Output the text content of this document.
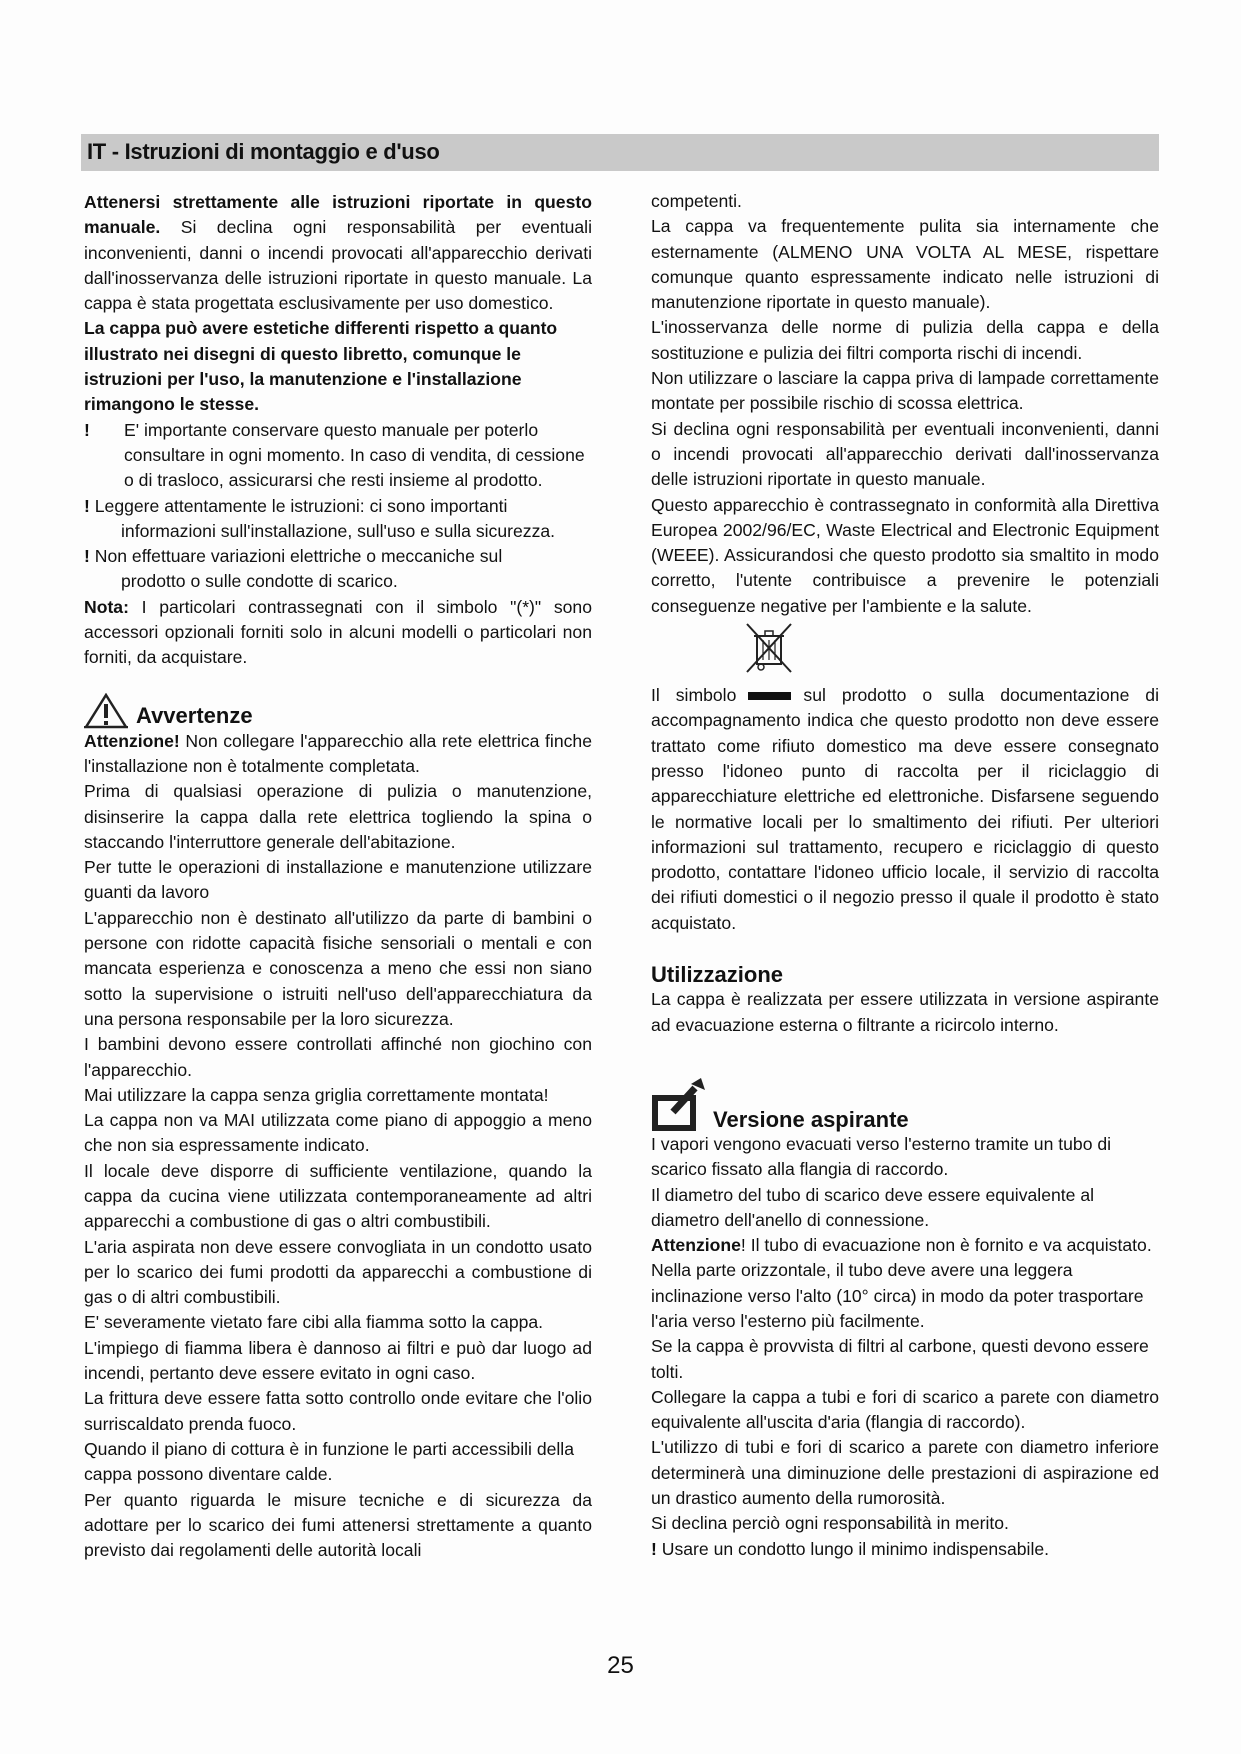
IT - Istruzioni di montaggio e d'uso

Attenersi strettamente alle istruzioni riportate in questo manuale. Si declina ogni responsabilità per eventuali inconvenienti, danni o incendi provocati all'apparecchio derivati dall'inosservanza delle istruzioni riportate in questo manuale. La cappa è stata progettata esclusivamente per uso domestico.

La cappa può avere estetiche differenti rispetto a quanto illustrato nei disegni di questo libretto, comunque le istruzioni per l'uso, la manutenzione e l'installazione rimangono le stesse.

! E' importante conservare questo manuale per poterlo

consultare in ogni momento. In caso di vendita, di cessione o di trasloco, assicurarsi che resti insieme al prodotto.

! Leggere attentamente le istruzioni: ci sono importanti

informazioni sull'installazione, sull'uso e sulla sicurezza.

! Non effettuare variazioni elettriche o meccaniche sul

prodotto o sulle condotte di scarico.

Nota: I particolari contrassegnati con il simbolo "(*)" sono accessori opzionali forniti solo in alcuni modelli o particolari non forniti, da acquistare.

Avvertenze

Attenzione! Non collegare l'apparecchio alla rete elettrica finche l'installazione non è totalmente completata.

Prima di qualsiasi operazione di pulizia o manutenzione, disinserire la cappa dalla rete elettrica togliendo la spina o staccando l'interruttore generale dell'abitazione.

Per tutte le operazioni di installazione e manutenzione utilizzare guanti da lavoro

L'apparecchio non è destinato all'utilizzo da parte di bambini o persone con ridotte capacità fisiche sensoriali o mentali e con mancata esperienza e conoscenza a meno che essi non siano sotto la supervisione o istruiti nell'uso dell'apparecchiatura da una persona responsabile per la loro sicurezza.

I bambini devono essere controllati affinché non giochino con l'apparecchio.

Mai utilizzare la cappa senza griglia correttamente montata!

La cappa non va MAI utilizzata come piano di appoggio a meno che non sia espressamente indicato.

Il locale deve disporre di sufficiente ventilazione, quando la cappa da cucina viene utilizzata contemporaneamente ad altri apparecchi a combustione di gas o altri combustibili.

L'aria aspirata non deve essere convogliata in un condotto usato per lo scarico dei fumi prodotti da apparecchi a combustione di gas o di altri combustibili.

E' severamente vietato fare cibi alla fiamma sotto la cappa.

L'impiego di fiamma libera è dannoso ai filtri e può dar luogo ad incendi, pertanto deve essere evitato in ogni caso.

La frittura deve essere fatta sotto controllo onde evitare che l'olio surriscaldato prenda fuoco.

Quando il piano di cottura è in funzione le parti accessibili della cappa possono diventare calde.

Per quanto riguarda le misure tecniche e di sicurezza da adottare per lo scarico dei fumi attenersi strettamente a quanto previsto dai regolamenti delle autorità locali

competenti.

La cappa va frequentemente pulita sia internamente che esternamente (ALMENO UNA VOLTA AL MESE, rispettare comunque quanto espressamente indicato nelle istruzioni di manutenzione riportate in questo manuale).

L'inosservanza delle norme di pulizia della cappa e della sostituzione e pulizia dei filtri comporta rischi di incendi.

Non utilizzare o lasciare la cappa priva di lampade correttamente montate per possibile rischio di scossa elettrica.

Si declina ogni responsabilità per eventuali inconvenienti, danni o incendi provocati all'apparecchio derivati dall'inosservanza delle istruzioni riportate in questo manuale.

Questo apparecchio è contrassegnato in conformità alla Direttiva Europea 2002/96/EC, Waste Electrical and Electronic Equipment (WEEE). Assicurandosi che questo prodotto sia smaltito in modo corretto, l'utente contribuisce a prevenire le potenziali conseguenze negative per l'ambiente e la salute.

Il simbolo	sul prodotto o sulla documentazione di accompagnamento indica che questo prodotto non deve essere trattato come rifiuto domestico ma deve essere consegnato presso l'idoneo punto di raccolta per il riciclaggio di apparecchiature elettriche ed elettroniche. Disfarsene seguendo le normative locali per lo smaltimento dei rifiuti. Per ulteriori informazioni sul trattamento, recupero e riciclaggio di questo prodotto, contattare l'idoneo ufficio locale, il servizio di raccolta dei rifiuti domestici o il negozio presso il quale il prodotto è stato acquistato.

Utilizzazione

La cappa è realizzata per essere utilizzata in versione aspirante ad evacuazione esterna o filtrante a ricircolo interno.

Versione aspirante

I vapori vengono evacuati verso l'esterno tramite un tubo di scarico fissato alla flangia di raccordo.

Il diametro del tubo di scarico deve essere equivalente al diametro dell'anello di connessione.

Attenzione! Il tubo di evacuazione non è fornito e va acquistato.

Nella parte orizzontale, il tubo deve avere una leggera inclinazione verso l'alto (10° circa) in modo da poter trasportare l'aria verso l'esterno più facilmente.

Se la cappa è provvista di filtri al carbone, questi devono essere tolti.

Collegare la cappa a tubi e fori di scarico a parete con diametro equivalente all'uscita d'aria (flangia di raccordo).

L'utilizzo di tubi e fori di scarico a parete con diametro inferiore determinerà una diminuzione delle prestazioni di aspirazione ed un drastico aumento della rumorosità.

Si declina perciò ogni responsabilità in merito.

! Usare un condotto lungo il minimo indispensabile.

25
